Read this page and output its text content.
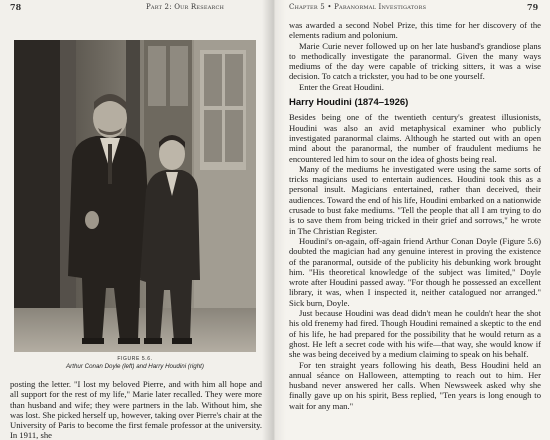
78	Part 2: Our Research
FIGURE 5.6.
Arthur Conan Doyle (left) and Harry Houdini (right)

posting the letter. "I lost my beloved Pierre, and with him all hope and all support for the rest of my life," Marie later recalled. They were more than husband and wife; they were partners in the lab. Without him, she was lost. She picked herself up, however, taking over Pierre's chair at the University of Paris to become the first female professor at the university. In 1911, she

Chapter 5 • Paranormal Investigators	79

was awarded a second Nobel Prize, this time for her discovery of the elements radium and polonium.

Marie Curie never followed up on her late husband's grandiose plans to methodically investigate the paranormal. Given the many ways mediums of the day were capable of tricking sitters, it was a wise decision. To catch a trickster, you had to be one yourself.

Enter the Great Houdini.

Harry Houdini (1874–1926)

Besides being one of the twentieth century's greatest illusionists, Houdini was also an avid metaphysical examiner who publicly investigated paranormal claims. Although he started out with an open mind about the paranormal, the number of fraudulent mediums he encountered led him to sour on the idea of ghosts being real.

Many of the mediums he investigated were using the same sorts of tricks magicians used to entertain audiences. Houdini took this as a personal insult. Magicians entertained, rather than deceived, their audiences. Toward the end of his life, Houdini embarked on a nationwide crusade to bust fake mediums. "Tell the people that all I am trying to do is to save them from being tricked in their grief and sorrows," he wrote in The Christian Register.

Houdini's on-again, off-again friend Arthur Conan Doyle (Figure 5.6) doubted the magician had any genuine interest in proving the existence of the paranormal, outside of the publicity his debunking work brought him. "His theoretical knowledge of the subject was limited," Doyle wrote after Houdini passed away. "For though he possessed an excellent library, it was, when I inspected it, neither catalogued nor arranged." Sick burn, Doyle.

Just because Houdini was dead didn't mean he couldn't hear the shot his old frenemy had fired. Though Houdini remained a skeptic to the end of his life, he had prepared for the possibility that he would return as a ghost. He left a secret code with his wife—that way, she would know if she was being deceived by a medium claiming to speak on his behalf.

For ten straight years following his death, Bess Houdini held an annual séance on Halloween, attempting to reach out to him. Her husband never answered her calls. When Newsweek asked why she finally gave up on his spirit, Bess replied, "Ten years is long enough to wait for any man."
